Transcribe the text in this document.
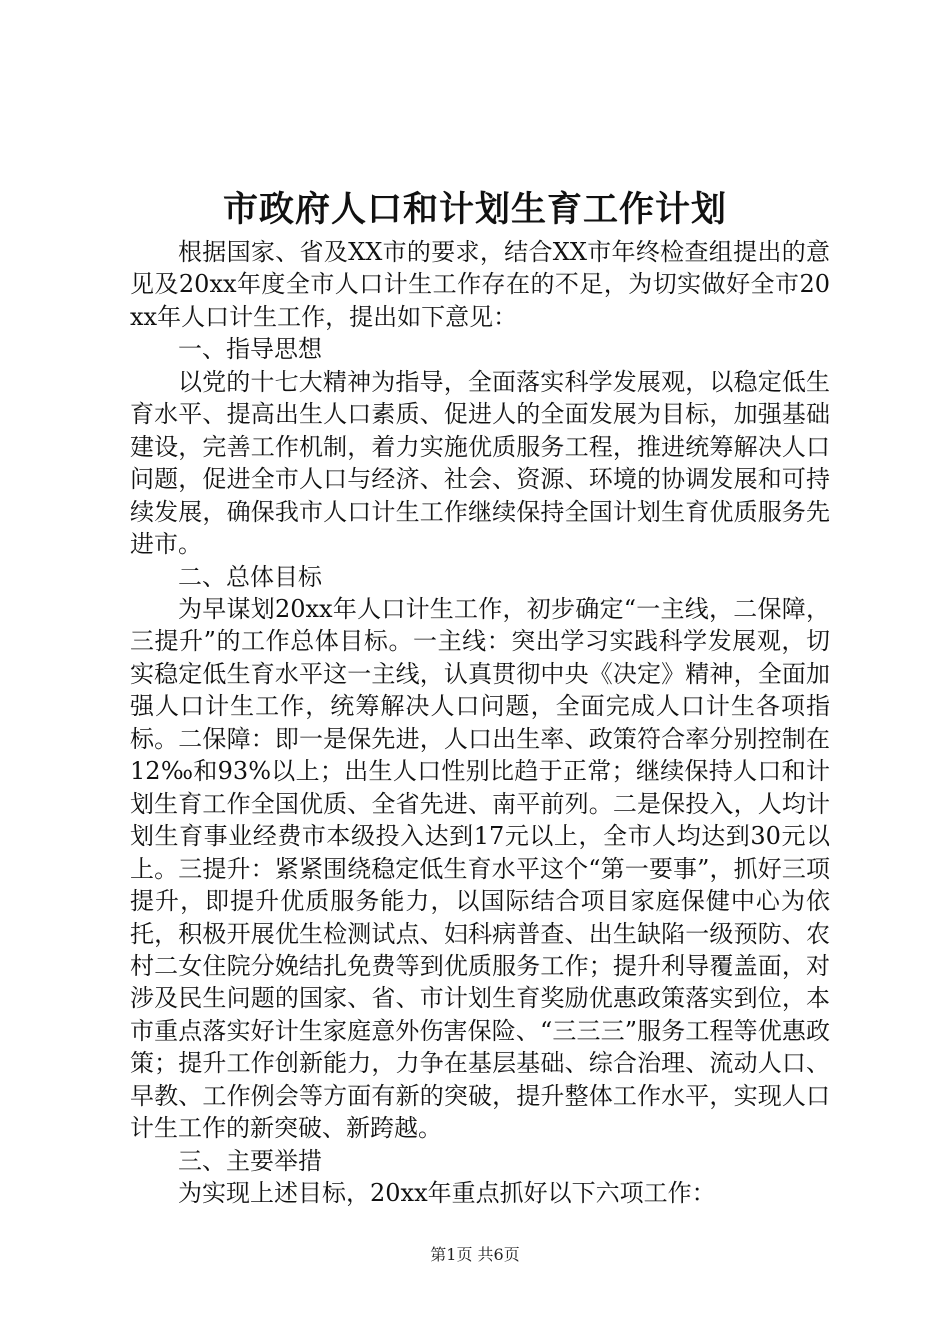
市政府人口和计划生育工作计划

根据国家、省及XX市的要求，结合XX市年终检查组提出的意见及20xx年度全市人口计生工作存在的不足，为切实做好全市20xx年人口计生工作，提出如下意见：

一、指导思想

以党的十七大精神为指导，全面落实科学发展观，以稳定低生育水平、提高出生人口素质、促进人的全面发展为目标，加强基础建设，完善工作机制，着力实施优质服务工程，推进统筹解决人口问题，促进全市人口与经济、社会、资源、环境的协调发展和可持续发展，确保我市人口计生工作继续保持全国计划生育优质服务先进市。

二、总体目标

为早谋划20xx年人口计生工作，初步确定“一主线，二保障，三提升”的工作总体目标。一主线：突出学习实践科学发展观，切实稳定低生育水平这一主线，认真贯彻中央《决定》精神，全面加强人口计生工作，统筹解决人口问题，全面完成人口计生各项指标。二保障：即一是保先进，人口出生率、政策符合率分别控制在12‰和93%以上；出生人口性别比趋于正常；继续保持人口和计划生育工作全国优质、全省先进、南平前列。二是保投入，人均计划生育事业经费市本级投入达到17元以上，全市人均达到30元以上。三提升：紧紧围绕稳定低生育水平这个“第一要事”，抓好三项提升，即提升优质服务能力，以国际结合项目家庭保健中心为依托，积极开展优生检测试点、妇科病普查、出生缺陷一级预防、农村二女住院分娩结扎免费等到优质服务工作；提升利导覆盖面，对涉及民生问题的国家、省、市计划生育奖励优惠政策落实到位，本市重点落实好计生家庭意外伤害保险、“三三三”服务工程等优惠政策；提升工作创新能力，力争在基层基础、综合治理、流动人口、早教、工作例会等方面有新的突破，提升整体工作水平，实现人口计生工作的新突破、新跨越。

三、主要举措

为实现上述目标，20xx年重点抓好以下六项工作：

第1页 共6页
